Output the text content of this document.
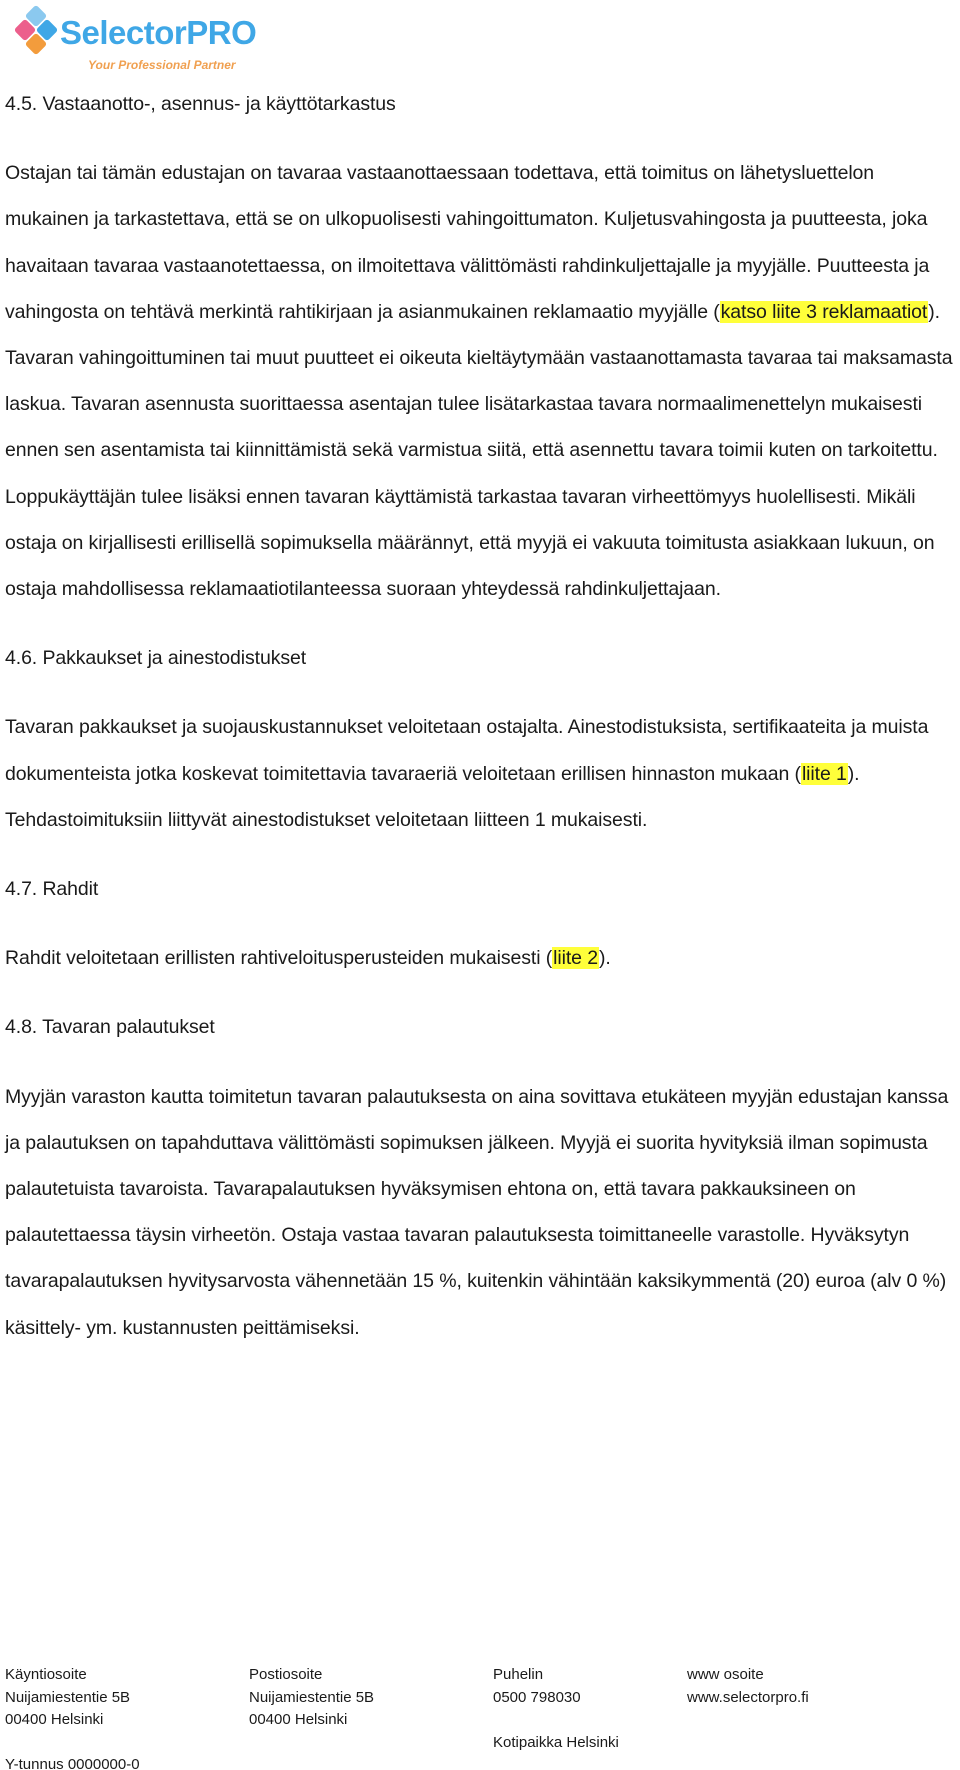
SelectorPRO
Your Professional Partner

4.5. Vastaanotto-, asennus- ja käyttötarkastus

Ostajan tai tämän edustajan on tavaraa vastaanottaessaan todettava, että toimitus on lähetysluettelon mukainen ja tarkastettava, että se on ulkopuolisesti vahingoittumaton. Kuljetusvahingosta ja puutteesta, joka havaitaan tavaraa vastaanotettaessa, on ilmoitettava välittömästi rahdinkuljettajalle ja myyjälle. Puutteesta ja vahingosta on tehtävä merkintä rahtikirjaan ja asianmukainen reklamaatio myyjälle (katso liite 3 reklamaatiot). Tavaran vahingoittuminen tai muut puutteet ei oikeuta kieltäytymään vastaanottamasta tavaraa tai maksamasta laskua. Tavaran asennusta suorittaessa asentajan tulee lisätarkastaa tavara normaalimenettelyn mukaisesti ennen sen asentamista tai kiinnittämistä sekä varmistua siitä, että asennettu tavara toimii kuten on tarkoitettu. Loppukäyttäjän tulee lisäksi ennen tavaran käyttämistä tarkastaa tavaran virheettömyys huolellisesti. Mikäli ostaja on kirjallisesti erillisellä sopimuksella määrännyt, että myyjä ei vakuuta toimitusta asiakkaan lukuun, on ostaja mahdollisessa reklamaatiotilanteessa suoraan yhteydessä rahdinkuljettajaan.

4.6. Pakkaukset ja ainestodistukset

Tavaran pakkaukset ja suojauskustannukset veloitetaan ostajalta. Ainestodistuksista, sertifikaateita ja muista dokumenteista jotka koskevat toimitettavia tavaraeriä veloitetaan erillisen hinnaston mukaan (liite 1). Tehdastoimituksiin liittyvät ainestodistukset veloitetaan liitteen 1 mukaisesti.

4.7. Rahdit

Rahdit veloitetaan erillisten rahtiveloitusperusteiden mukaisesti (liite 2).

4.8. Tavaran palautukset

Myyjän varaston kautta toimitetun tavaran palautuksesta on aina sovittava etukäteen myyjän edustajan kanssa ja palautuksen on tapahduttava välittömästi sopimuksen jälkeen. Myyjä ei suorita hyvityksiä ilman sopimusta palautetuista tavaroista. Tavarapalautuksen hyväksymisen ehtona on, että tavara pakkauksineen on palautettaessa täysin virheetön. Ostaja vastaa tavaran palautuksesta toimittaneelle varastolle. Hyväksytyn tavarapalautuksen hyvitysarvosta vähennetään 15 %, kuitenkin vähintään kaksikymmentä (20) euroa (alv 0 %) käsittely- ym. kustannusten peittämiseksi.

Käyntiosoite
Nuijamiestentie 5B
00400 Helsinki
Y-tunnus 0000000-0
Postiosoite
Nuijamiestentie 5B
00400 Helsinki
Puhelin
0500 798030
Kotipaikka Helsinki
www osoite
www.selectorpro.fi
